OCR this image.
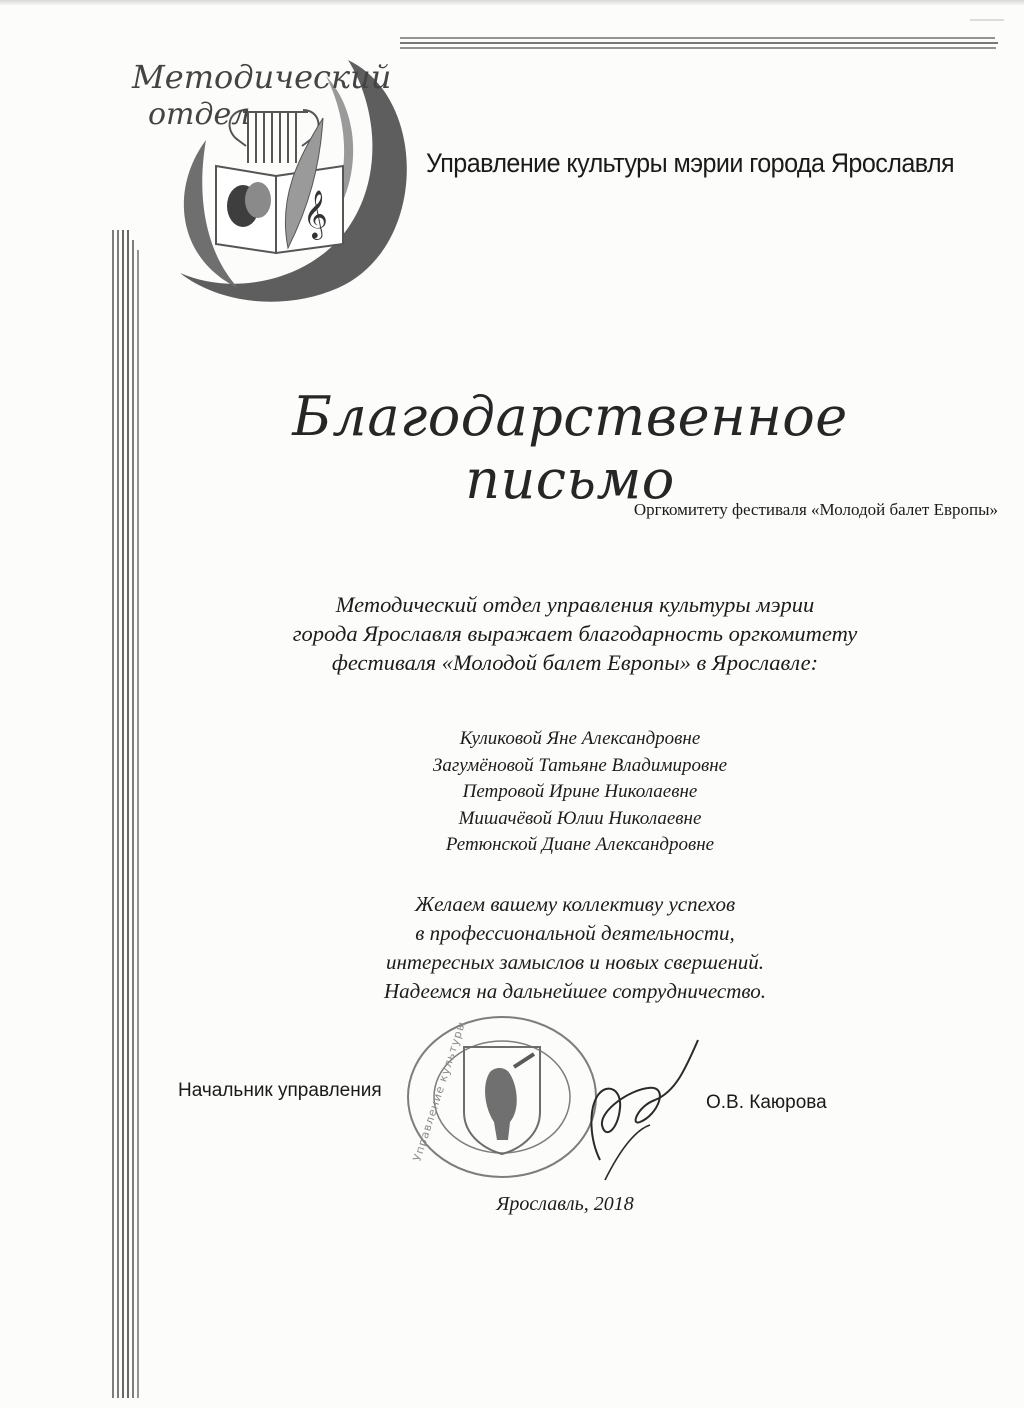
𝄞
Методический
отдел
Управление культуры мэрии города Ярославля
Благодарственное письмо
Оргкомитету фестиваля «Молодой балет Европы»
Методический отдел управления культуры мэрии
города Ярославля выражает благодарность оргкомитету
фестиваля «Молодой балет Европы» в Ярославле:
Куликовой Яне Александровне
Загумёновой Татьяне Владимировне
Петровой Ирине Николаевне
Мишачёвой Юлии Николаевне
Ретюнской Диане Александровне
Желаем вашему коллективу успехов
в профессиональной деятельности,
интересных замыслов и новых свершений.
Надеемся на дальнейшее сотрудничество.
Управление культуры
Начальник управления
О.В. Каюрова
Ярославль, 2018
